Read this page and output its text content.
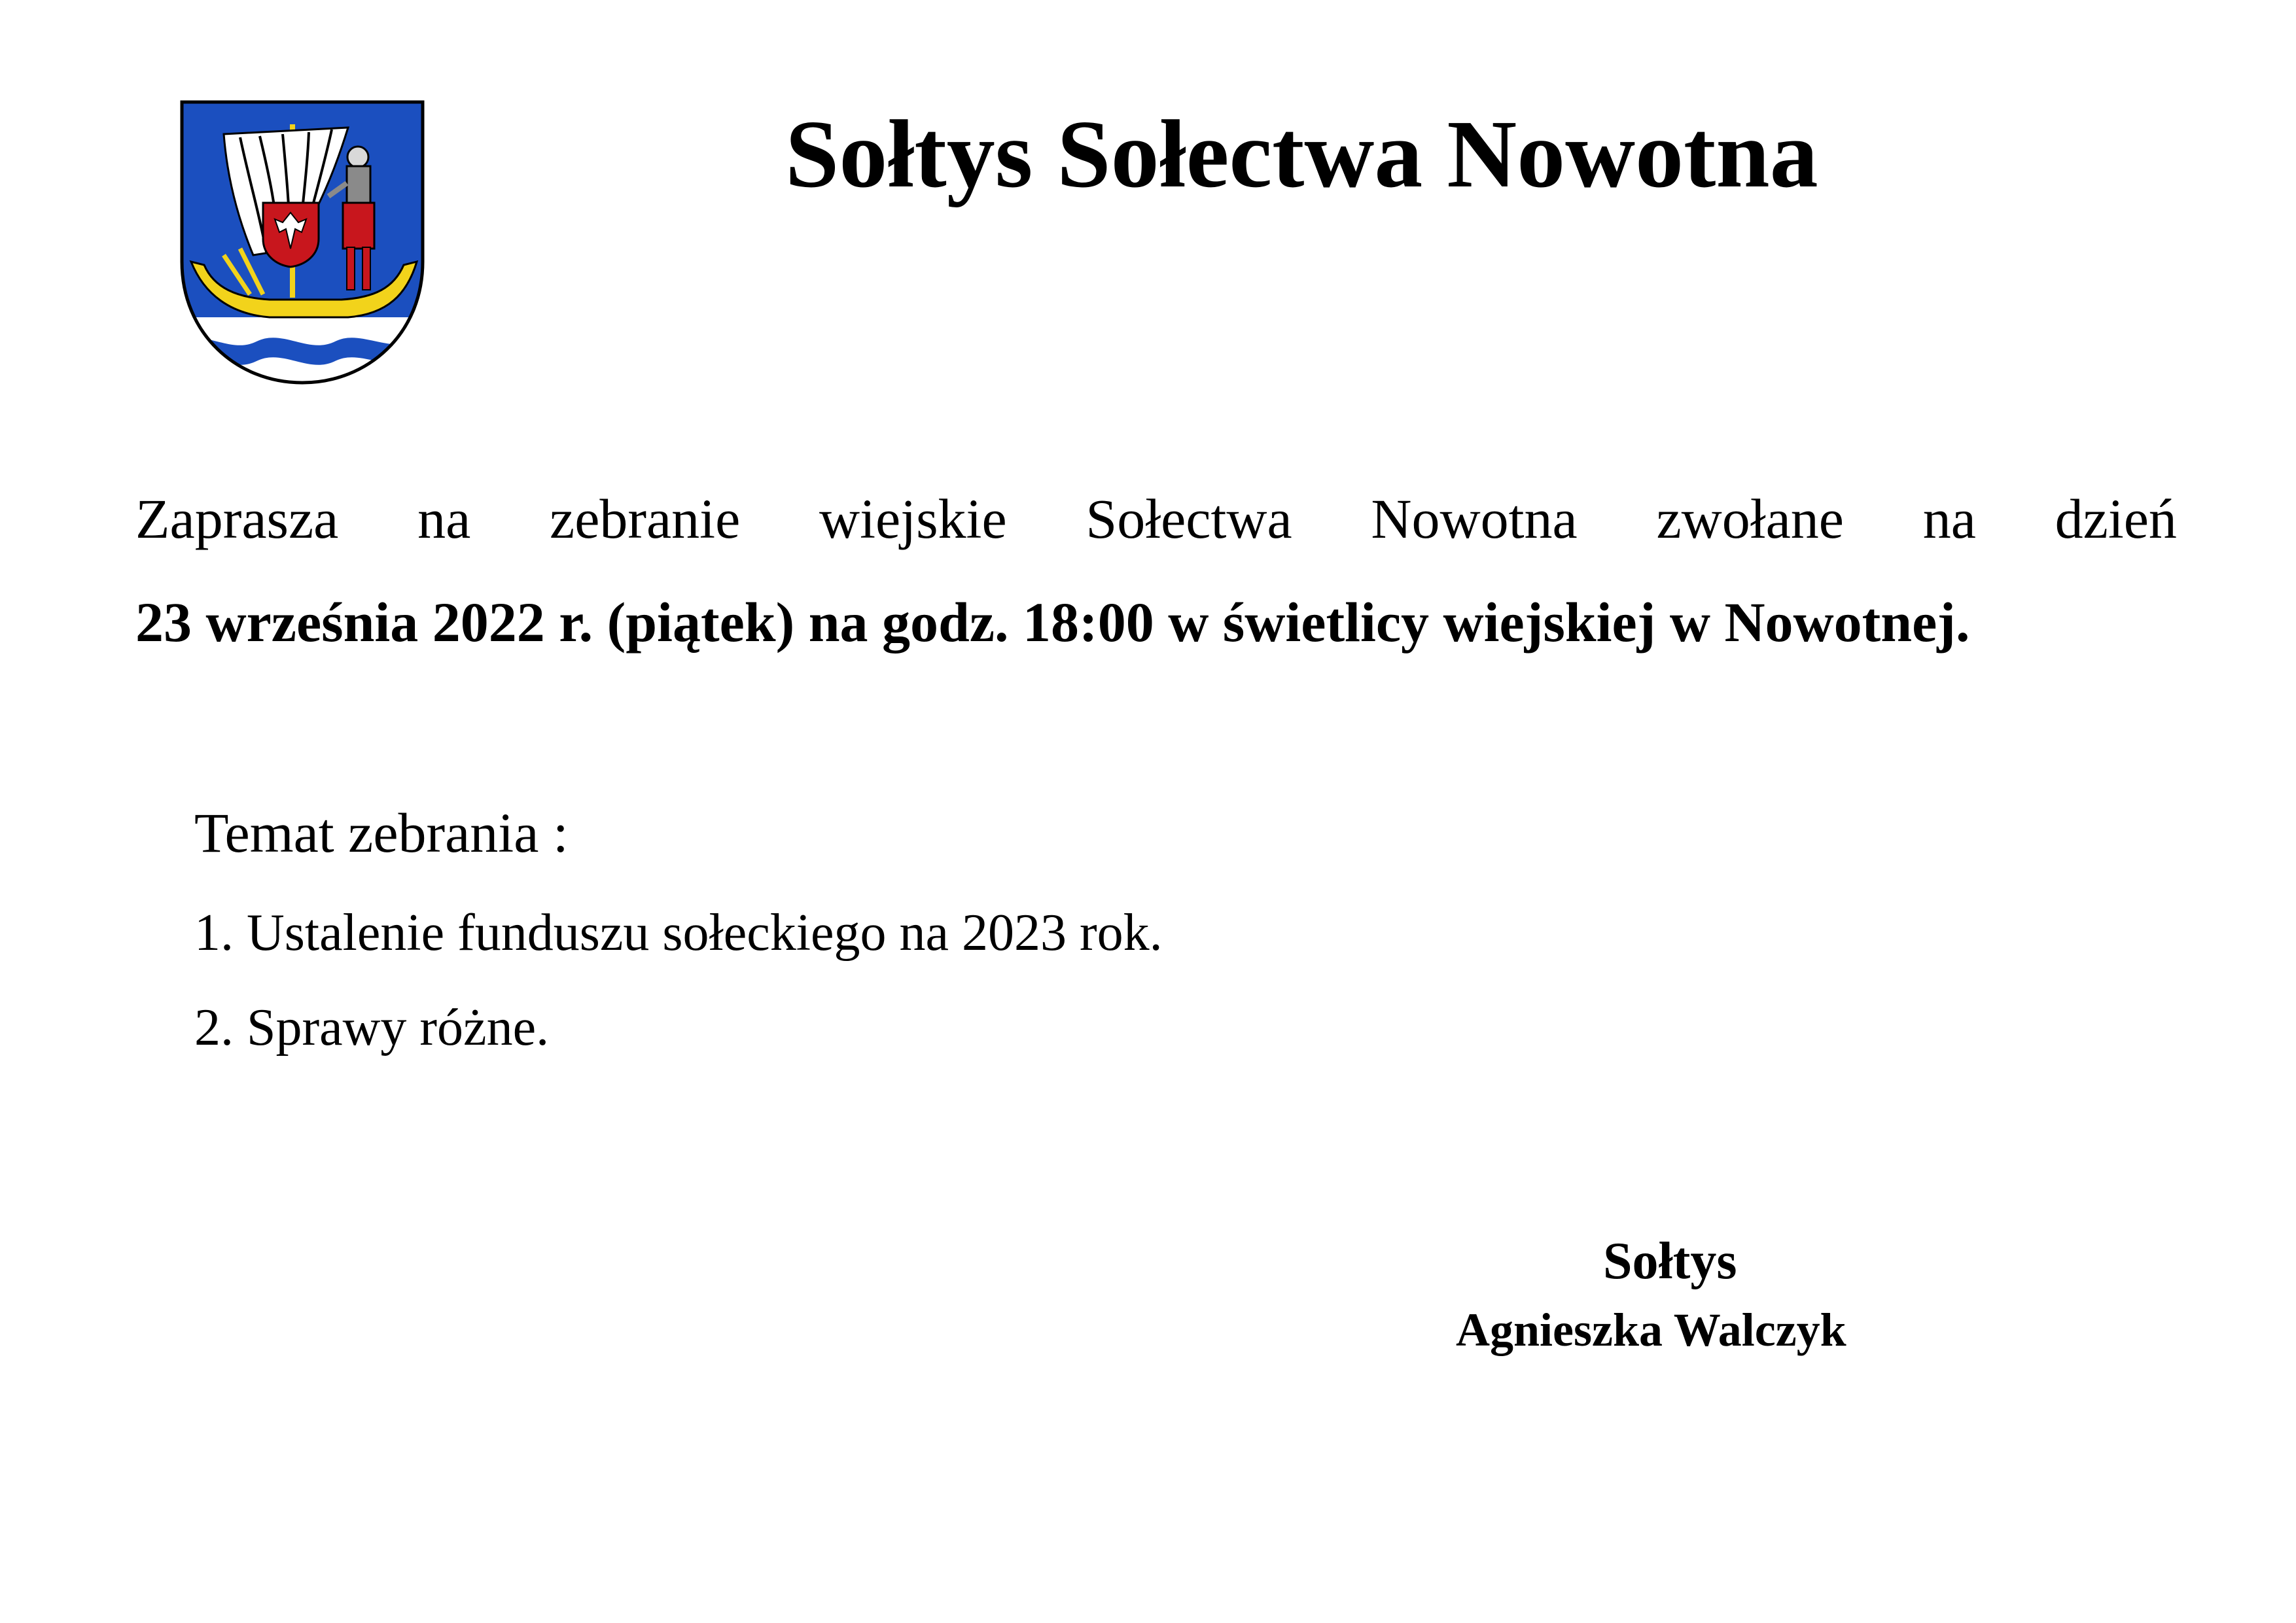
Sołtys Sołectwa Nowotna
Zaprasza na zebranie wiejskie Sołectwa Nowotna zwołane na dzień
23 września 2022 r. (piątek) na godz. 18:00 w świetlicy wiejskiej w Nowotnej.
Temat zebrania :
1. Ustalenie funduszu sołeckiego na 2023 rok.
2. Sprawy różne.
Sołtys
Agnieszka Walczyk
